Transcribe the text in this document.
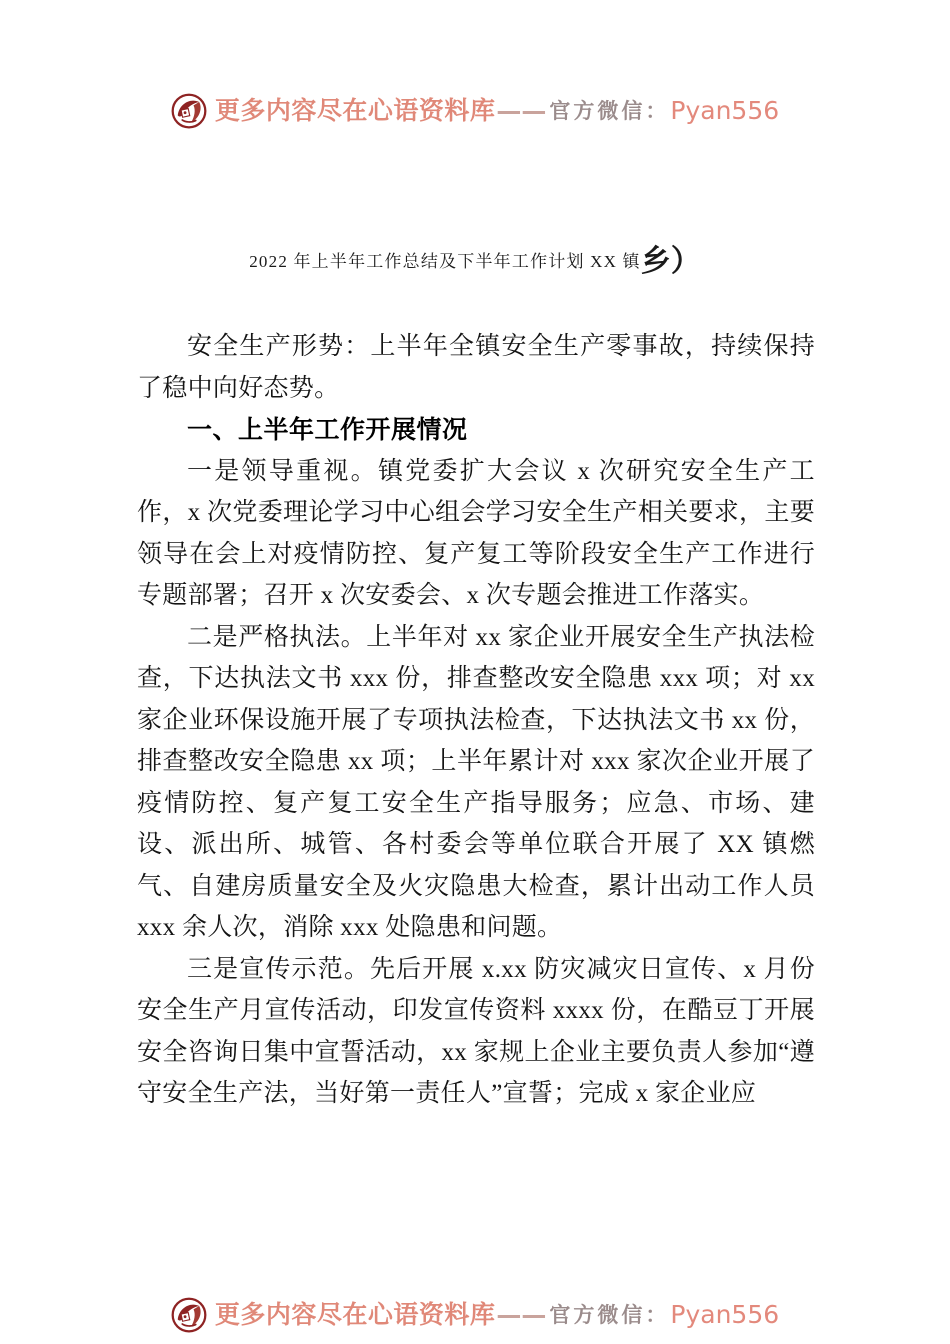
更多内容尽在心语资料库 —— 官方微信 ： Pyan556
2022 年上半年工作总结及下半年工作计划 XX 镇乡）

安全生产形势：上半年全镇安全生产零事故，持续保持了稳中向好态势。

一、上半年工作开展情况

一是领导重视。镇党委扩大会议 x 次研究安全生产工作，x 次党委理论学习中心组会学习安全生产相关要求，主要领导在会上对疫情防控、复产复工等阶段安全生产工作进行专题部署；召开 x 次安委会、x 次专题会推进工作落实。

二是严格执法。上半年对 xx 家企业开展安全生产执法检查，下达执法文书 xxx 份，排查整改安全隐患 xxx 项；对 xx 家企业环保设施开展了专项执法检查，下达执法文书 xx 份，排查整改安全隐患 xx 项；上半年累计对 xxx 家次企业开展了疫情防控、复产复工安全生产指导服务；应急、市场、建设、派出所、城管、各村委会等单位联合开展了 XX 镇燃气、自建房质量安全及火灾隐患大检查，累计出动工作人员 xxx 余人次，消除 xxx 处隐患和问题。

三是宣传示范。先后开展 x.xx 防灾减灾日宣传、x 月份安全生产月宣传活动，印发宣传资料 xxxx 份，在酷豆丁开展安全咨询日集中宣誓活动，xx 家规上企业主要负责人参加“遵守安全生产法，当好第一责任人”宣誓；完成 x 家企业应

更多内容尽在心语资料库 —— 官方微信 ： Pyan556
